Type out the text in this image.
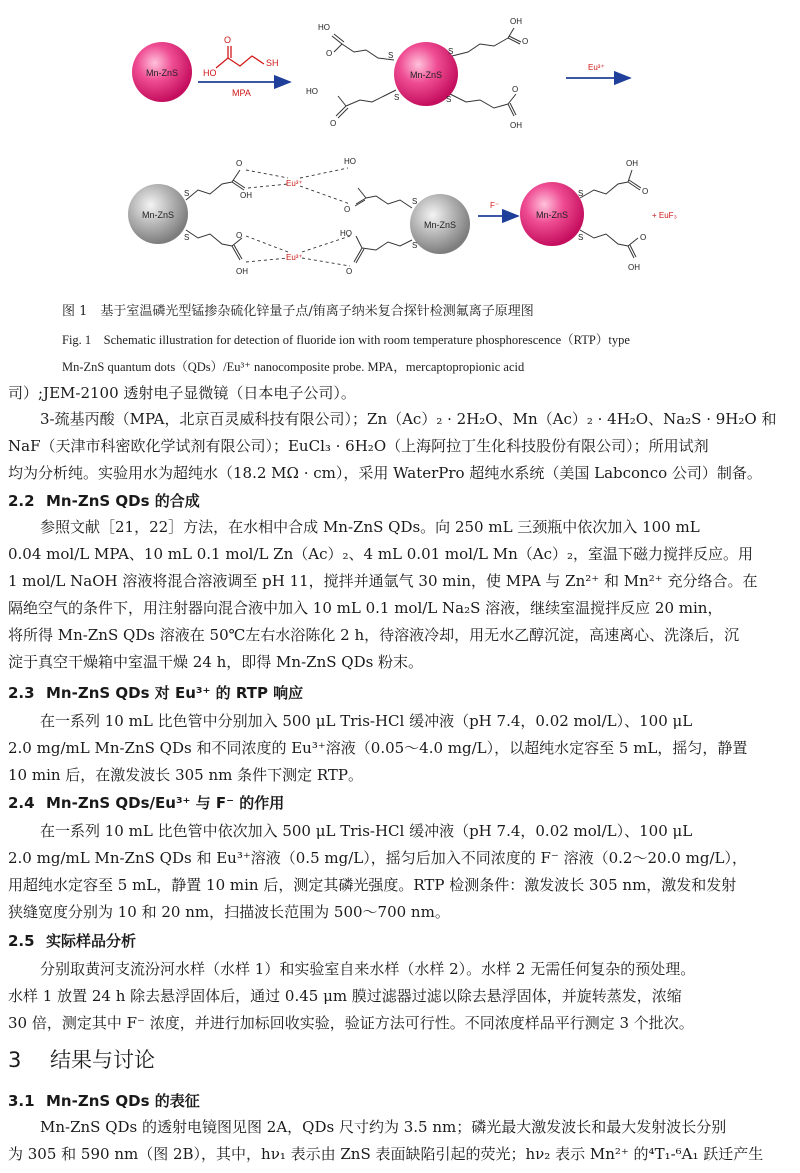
Mn-ZnS
O
HO
SH
MPA
Mn-ZnS
S
S
S
S
HO
O
HO
O
OH
O
O
OH
Eu³⁺
Mn-ZnS
Mn-ZnS
S
S
S
S
O
OH
O
OH
HO
O
HO
O
Eu³⁺
Eu³⁺
F⁻
Mn-ZnS
S
S
OH
O
O
OH
+ EuF₃
图 1　基于室温磷光型锰掺杂硫化锌量子点/铕离子纳米复合探针检测氟离子原理图
Fig. 1　Schematic illustration for detection of fluoride ion with room temperature phosphorescence（RTP）type
Mn-ZnS quantum dots（QDs）/Eu³⁺ nanocomposite probe. MPA，mercaptopropionic acid
司）;JEM-2100 透射电子显微镜（日本电子公司）。
3-巯基丙酸（MPA，北京百灵威科技有限公司）；Zn（Ac）₂ · 2H₂O、Mn（Ac）₂ · 4H₂O、Na₂S · 9H₂O 和
NaF（天津市科密欧化学试剂有限公司）；EuCl₃ · 6H₂O（上海阿拉丁生化科技股份有限公司）；所用试剂
均为分析纯。实验用水为超纯水（18.2 MΩ · cm），采用 WaterPro 超纯水系统（美国 Labconco 公司）制备。
2.2 Mn-ZnS QDs 的合成
参照文献［21，22］方法，在水相中合成 Mn-ZnS QDs。向 250 mL 三颈瓶中依次加入 100 mL
0.04 mol/L MPA、10 mL 0.1 mol/L Zn（Ac）₂、4 mL 0.01 mol/L Mn（Ac）₂，室温下磁力搅拌反应。用
1 mol/L NaOH 溶液将混合溶液调至 pH 11，搅拌并通氩气 30 min，使 MPA 与 Zn²⁺ 和 Mn²⁺ 充分络合。在
隔绝空气的条件下，用注射器向混合液中加入 10 mL 0.1 mol/L Na₂S 溶液，继续室温搅拌反应 20 min，
将所得 Mn-ZnS QDs 溶液在 50℃左右水浴陈化 2 h，待溶液冷却，用无水乙醇沉淀，高速离心、洗涤后，沉
淀于真空干燥箱中室温干燥 24 h，即得 Mn-ZnS QDs 粉末。
2.3 Mn-ZnS QDs 对 Eu³⁺ 的 RTP 响应
在一系列 10 mL 比色管中分别加入 500 μL Tris-HCl 缓冲液（pH 7.4，0.02 mol/L）、100 μL
2.0 mg/mL Mn-ZnS QDs 和不同浓度的 Eu³⁺溶液（0.05～4.0 mg/L），以超纯水定容至 5 mL，摇匀，静置
10 min 后，在激发波长 305 nm 条件下测定 RTP。
2.4 Mn-ZnS QDs/Eu³⁺ 与 F⁻ 的作用
在一系列 10 mL 比色管中依次加入 500 μL Tris-HCl 缓冲液（pH 7.4，0.02 mol/L）、100 μL
2.0 mg/mL Mn-ZnS QDs 和 Eu³⁺溶液（0.5 mg/L），摇匀后加入不同浓度的 F⁻ 溶液（0.2～20.0 mg/L），
用超纯水定容至 5 mL，静置 10 min 后，测定其磷光强度。RTP 检测条件：激发波长 305 nm，激发和发射
狭缝宽度分别为 10 和 20 nm，扫描波长范围为 500～700 nm。
2.5 实际样品分析
分别取黄河支流汾河水样（水样 1）和实验室自来水样（水样 2）。水样 2 无需任何复杂的预处理。
水样 1 放置 24 h 除去悬浮固体后，通过 0.45 μm 膜过滤器过滤以除去悬浮固体，并旋转蒸发，浓缩
30 倍，测定其中 F⁻ 浓度，并进行加标回收实验，验证方法可行性。不同浓度样品平行测定 3 个批次。
3 结果与讨论
3.1 Mn-ZnS QDs 的表征
Mn-ZnS QDs 的透射电镜图见图 2A，QDs 尺寸约为 3.5 nm；磷光最大激发波长和最大发射波长分别
为 305 和 590 nm（图 2B），其中，hν₁ 表示由 ZnS 表面缺陷引起的荧光；hν₂ 表示 Mn²⁺ 的⁴T₁-⁶A₁ 跃迁产生
